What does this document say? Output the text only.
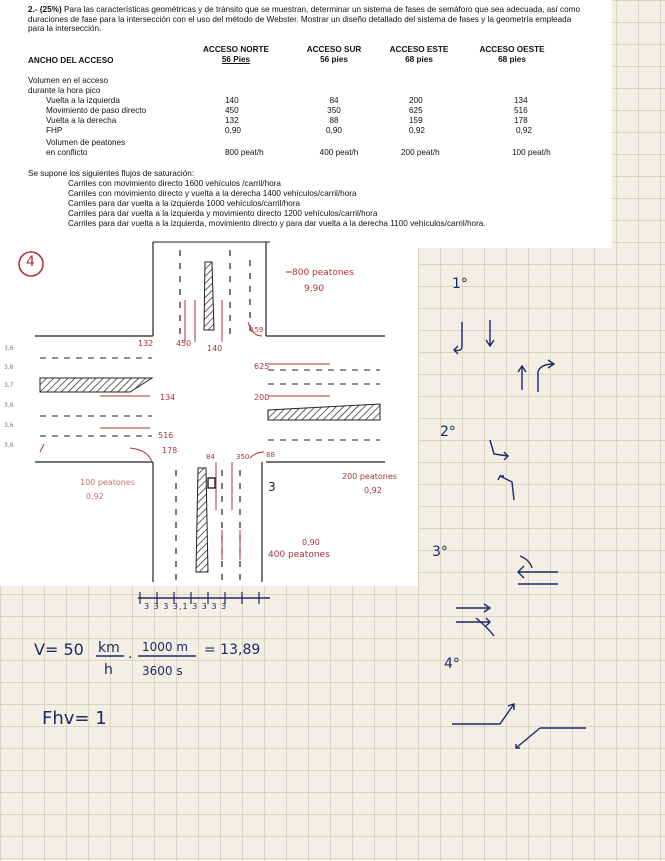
2.- (25%) Para las características geométricas y de tránsito que se muestran, determinar un sistema de fases de semáforo que sea adecuada, así como duraciones de fase para la intersección con el uso del método de Webster. Mostrar un diseño detallado del sistema de fases y la geometría empleada para la intersección.
ANCHO DEL ACCESO
ACCESO NORTE
56 Pies
ACCESO SUR
56 pies
ACCESO ESTE
68 pies
ACCESO OESTE
68 pies
Volumen en el acceso
durante la hora pico
Vuelta a la izquierda
Movimiento de paso directo
Vuelta a la derecha
FHP
Volumen de peatones
en conflicto
140
450
132
0,90
800 peat/h
84
350
88
0,90
400 peat/h
200
625
159
0,92
200 peat/h
134
516
178
0,92
100 peat/h
Se supone los siguientes flujos de saturación:
Carriles con movimiento directo 1600 vehículos /carril/hora
Carriles con movimiento directo y vuelta a la derecha 1400 vehículos/carril/hora
Carriles para dar vuelta a la izquierda 1000 vehículos/carril/hora
Carriles para dar vuelta a la izquierda y movimiento directo 1200 vehículos/carril/hora
Carriles para dar vuelta a la izquierda, movimiento directo y para dar vuelta a la derecha 1100 vehículos/carril/hora.
4
800 peatones
9,90
132	450
140
159
625
200
134
516
178
84	350 88
3
200 peatones
0,92
100 peatones
0,92
0,90
400 peatones
3,6
3,6
3,7
3,6
3,6
3,6
3 3 3 3,1 3 3 3 3
1°
2°
3°
4°
V= 50 km
h
. 1000 m
3600 s
= 13,89
Fhv= 1
